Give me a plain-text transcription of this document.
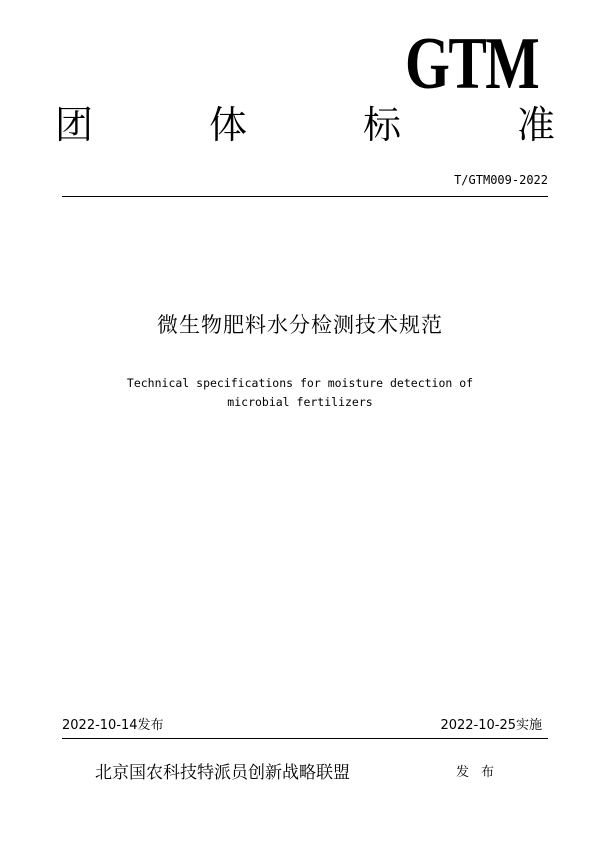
GTM
团	体	标	准
T/GTM009-2022
微生物肥料水分检测技术规范
Technical specifications for moisture detection of
microbial fertilizers
2022-10-14发布	2022-10-25实施
北京国农科技特派员创新战略联盟	发布
